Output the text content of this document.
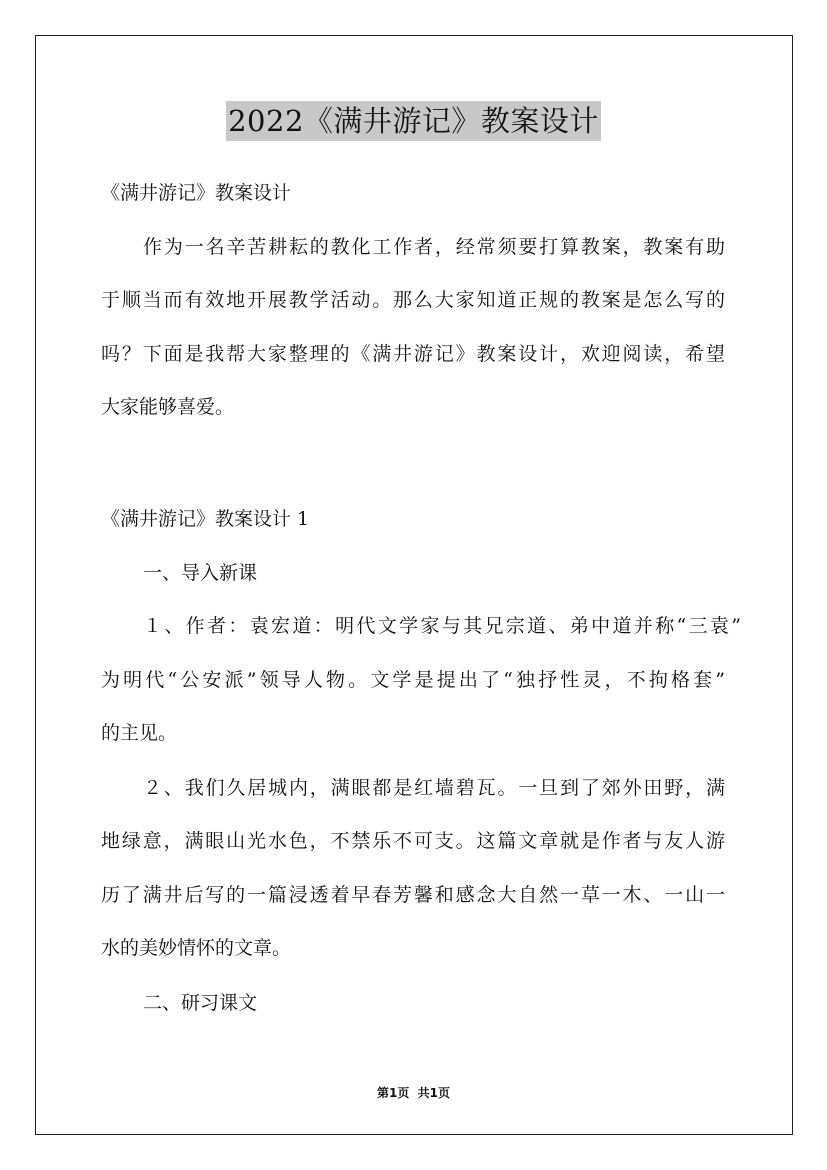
2022《满井游记》教案设计
《满井游记》教案设计
作为一名辛苦耕耘的教化工作者，经常须要打算教案，教案有助
于顺当而有效地开展教学活动。那么大家知道正规的教案是怎么写的
吗？下面是我帮大家整理的《满井游记》教案设计，欢迎阅读，希望
大家能够喜爱。
《满井游记》教案设计 1
一、导入新课
１、作者：袁宏道：明代文学家与其兄宗道、弟中道并称“三袁”
为明代“公安派”领导人物。文学是提出了“独抒性灵，不拘格套”
的主见。
２、我们久居城内，满眼都是红墙碧瓦。一旦到了郊外田野，满
地绿意，满眼山光水色，不禁乐不可支。这篇文章就是作者与友人游
历了满井后写的一篇浸透着早春芳馨和感念大自然一草一木、一山一
水的美妙情怀的文章。
二、研习课文
第1页 共1页
